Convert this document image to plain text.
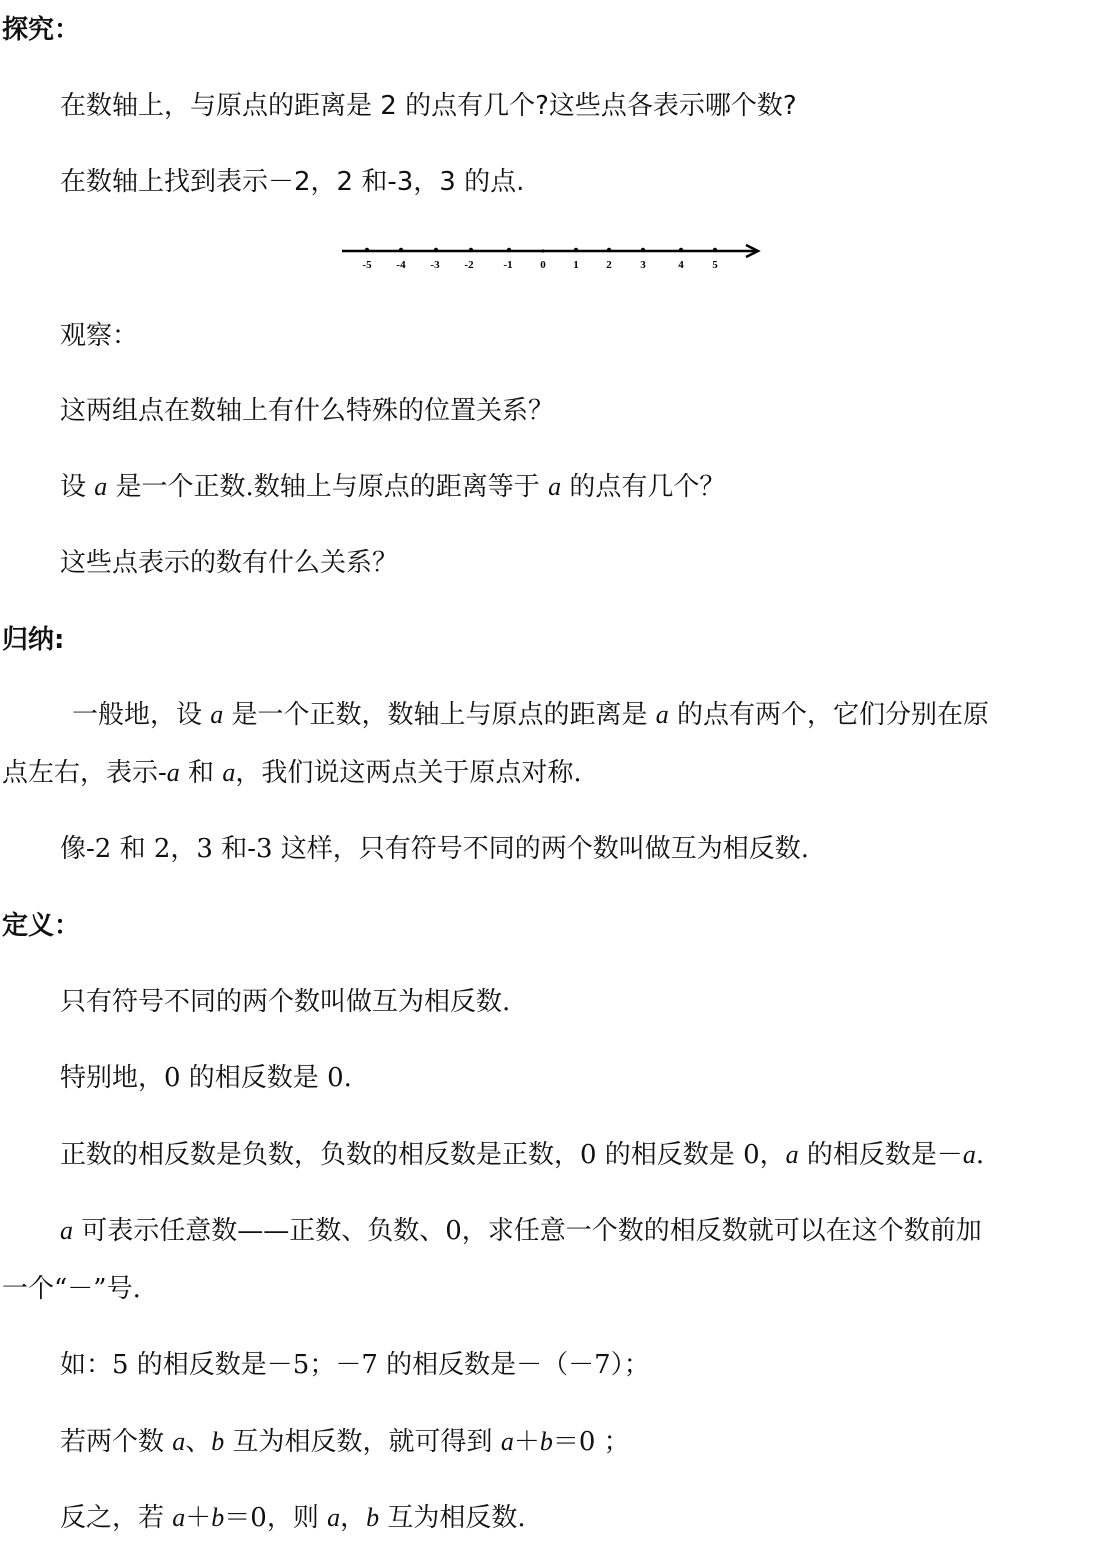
探究：
在数轴上，与原点的距离是 2 的点有几个?这些点各表示哪个数?
在数轴上找到表示－2，2 和-3，3 的点.
-5 -4 -3 -2	-1	0	1	2	3	4	5
观察：
这两组点在数轴上有什么特殊的位置关系？
设 a 是一个正数.数轴上与原点的距离等于 a 的点有几个？
这些点表示的数有什么关系？
归纳:
一般地，设 a 是一个正数，数轴上与原点的距离是 a 的点有两个，它们分别在原
点左右，表示-a 和 a，我们说这两点关于原点对称.
像-2 和 2，3 和-3 这样，只有符号不同的两个数叫做互为相反数.
定义：
只有符号不同的两个数叫做互为相反数.
特别地，0 的相反数是 0.
正数的相反数是负数，负数的相反数是正数，0 的相反数是 0，a 的相反数是－a.
a 可表示任意数——正数、负数、0，求任意一个数的相反数就可以在这个数前加
一个“－”号.
如：5 的相反数是－5；－7 的相反数是－（－7）；
若两个数 a、b 互为相反数，就可得到 a＋b＝0 ；
反之，若 a＋b＝0，则 a，b 互为相反数.
